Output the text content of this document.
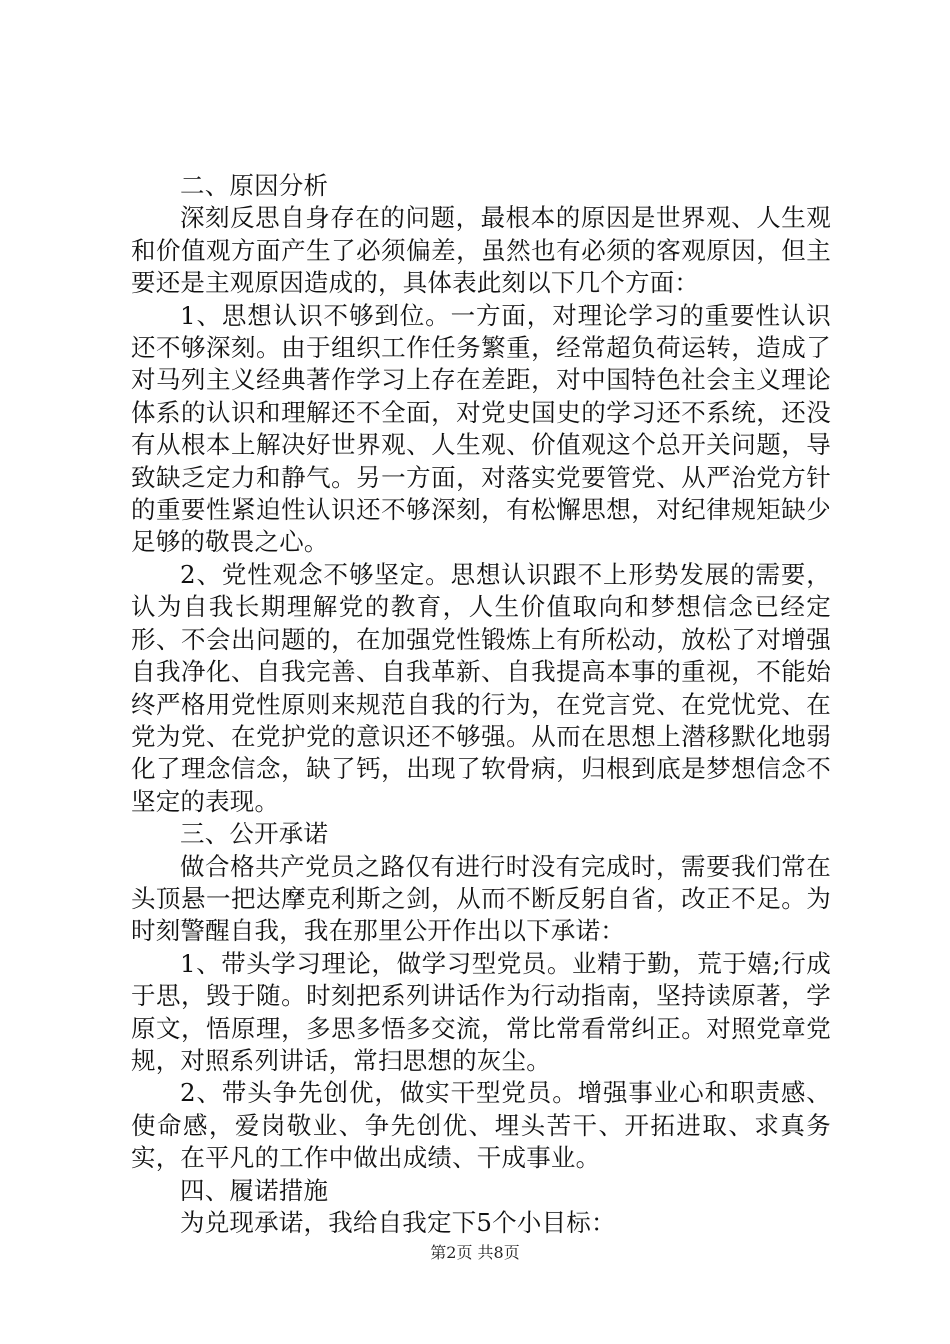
二、原因分析

深刻反思自身存在的问题，最根本的原因是世界观、人生观和价值观方面产生了必须偏差，虽然也有必须的客观原因，但主要还是主观原因造成的，具体表此刻以下几个方面：

1、思想认识不够到位。一方面，对理论学习的重要性认识还不够深刻。由于组织工作任务繁重，经常超负荷运转，造成了对马列主义经典著作学习上存在差距，对中国特色社会主义理论体系的认识和理解还不全面，对党史国史的学习还不系统，还没有从根本上解决好世界观、人生观、价值观这个总开关问题，导致缺乏定力和静气。另一方面，对落实党要管党、从严治党方针的重要性紧迫性认识还不够深刻，有松懈思想，对纪律规矩缺少足够的敬畏之心。

2、党性观念不够坚定。思想认识跟不上形势发展的需要，认为自我长期理解党的教育，人生价值取向和梦想信念已经定形、不会出问题的，在加强党性锻炼上有所松动，放松了对增强自我净化、自我完善、自我革新、自我提高本事的重视，不能始终严格用党性原则来规范自我的行为，在党言党、在党忧党、在党为党、在党护党的意识还不够强。从而在思想上潜移默化地弱化了理念信念，缺了钙，出现了软骨病，归根到底是梦想信念不坚定的表现。

三、公开承诺

做合格共产党员之路仅有进行时没有完成时，需要我们常在头顶悬一把达摩克利斯之剑，从而不断反躬自省，改正不足。为时刻警醒自我，我在那里公开作出以下承诺：

1、带头学习理论，做学习型党员。业精于勤，荒于嬉;行成于思，毁于随。时刻把系列讲话作为行动指南，坚持读原著，学原文，悟原理，多思多悟多交流，常比常看常纠正。对照党章党规，对照系列讲话，常扫思想的灰尘。

2、带头争先创优，做实干型党员。增强事业心和职责感、使命感，爱岗敬业、争先创优、埋头苦干、开拓进取、求真务实，在平凡的工作中做出成绩、干成事业。

四、履诺措施

为兑现承诺，我给自我定下5个小目标：

第2页 共8页
